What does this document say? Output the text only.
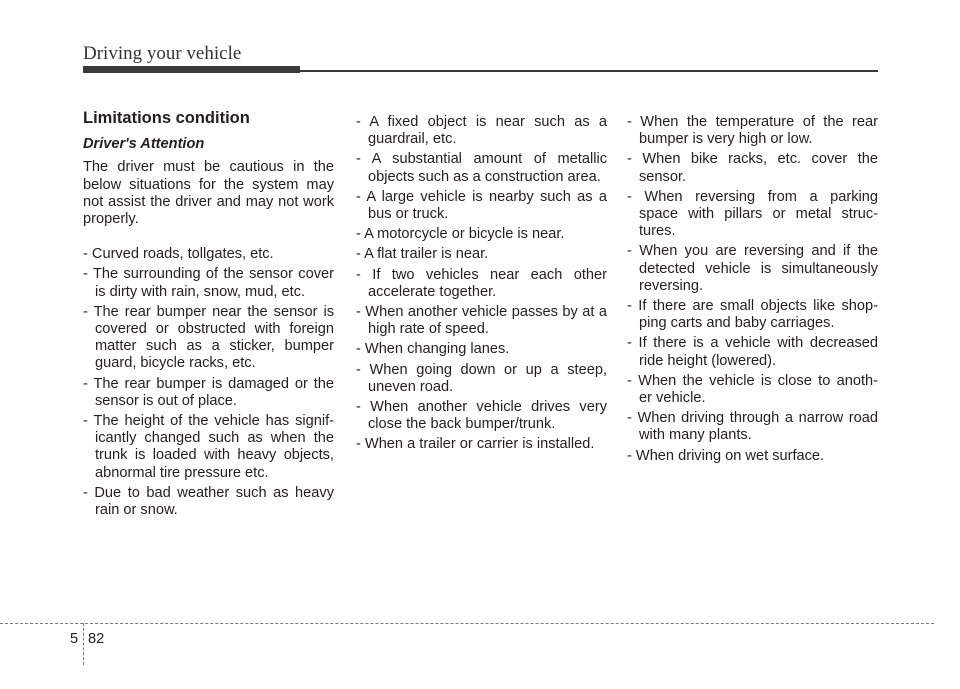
Driving your vehicle
Limitations condition
Driver's Attention
The driver must be cautious in the below situations for the system may not assist the driver and may not work properly.
- Curved roads, tollgates, etc.
- The surrounding of the sensor cover is dirty with rain, snow, mud, etc.
- The rear bumper near the sensor is covered or obstructed with foreign matter such as a sticker, bumper guard, bicycle racks, etc.
- The rear bumper is damaged or the sensor is out of place.
- The height of the vehicle has signif- icantly changed such as when the trunk is loaded with heavy objects, abnormal tire pressure etc.
- Due to bad weather such as heavy rain or snow.
- A fixed object is near such as a guardrail, etc.
- A substantial amount of metallic objects such as a construction area.
- A large vehicle is nearby such as a bus or truck.
- A motorcycle or bicycle is near.
- A flat trailer is near.
- If two vehicles near each other accelerate together.
- When another vehicle passes by at a high rate of speed.
- When changing lanes.
- When going down or up a steep, uneven road.
- When another vehicle drives very close the back bumper/trunk.
- When a trailer or carrier is installed.
- When the temperature of the rear bumper is very high or low.
- When bike racks, etc. cover the sensor.
- When reversing from a parking space with pillars or metal struc- tures.
- When you are reversing and if the detected vehicle is simultaneously reversing.
- If there are small objects like shop- ping carts and baby carriages.
- If there is a vehicle with decreased ride height (lowered).
- When the vehicle is close to anoth- er vehicle.
- When driving through a narrow road with many plants.
- When driving on wet surface.
5 82
